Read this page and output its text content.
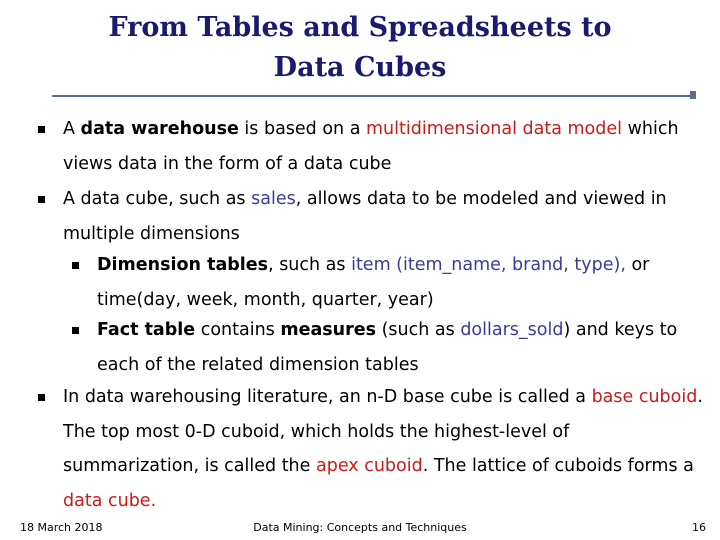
From Tables and Spreadsheets to
Data Cubes
A data warehouse is based on a multidimensional data model which views data in the form of a data cube
A data cube, such as sales, allows data to be modeled and viewed in multiple dimensions
Dimension tables, such as item (item_name, brand, type), or time(day, week, month, quarter, year)
Fact table contains measures (such as dollars_sold) and keys to each of the related dimension tables
In data warehousing literature, an n-D base cube is called a base cuboid. The top most 0-D cuboid, which holds the highest-level of summarization, is called the apex cuboid. The lattice of cuboids forms a data cube.
18 March 2018	Data Mining: Concepts and Techniques	16
